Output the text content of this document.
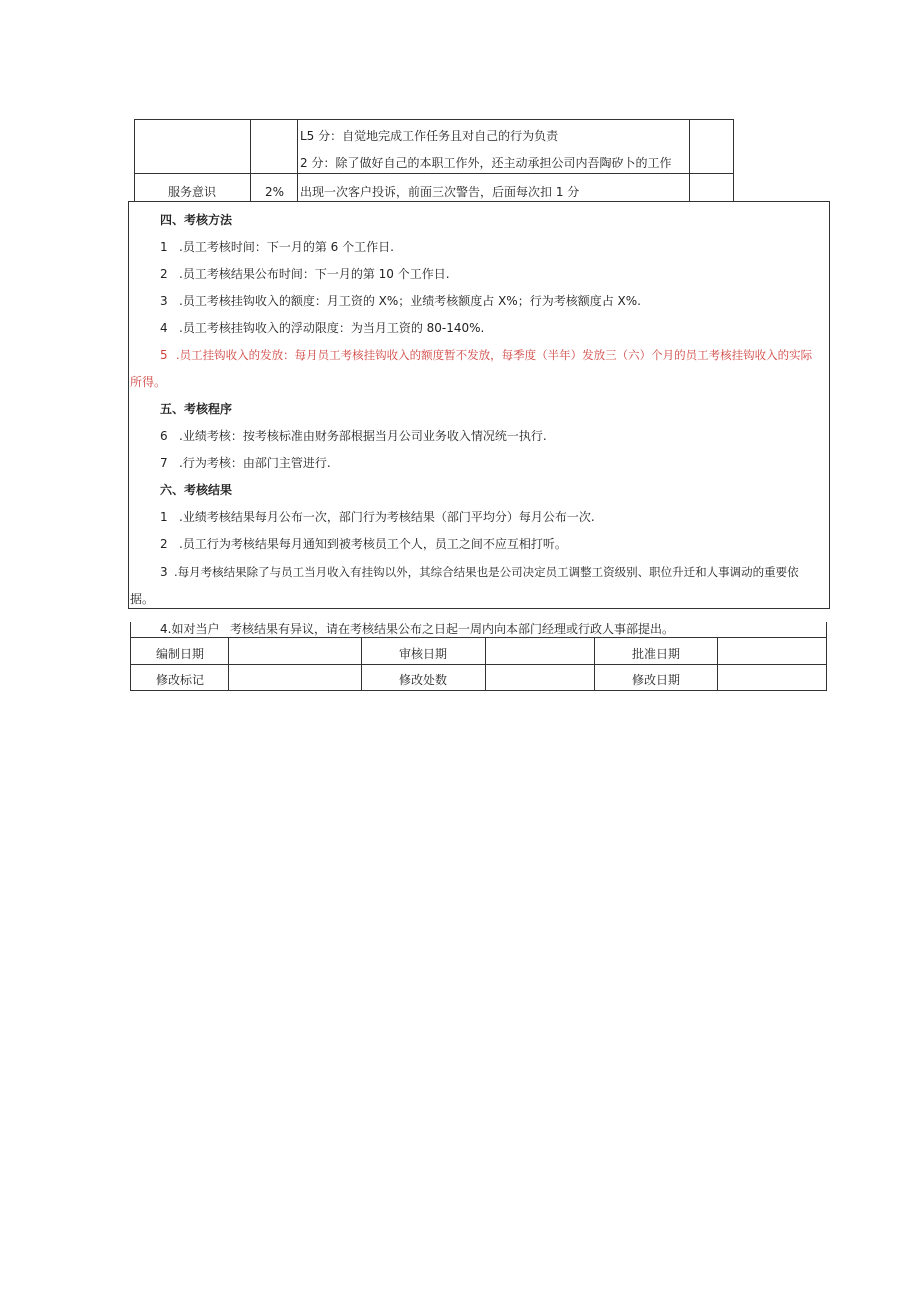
L5 分：自觉地完成工作任务且对自己的行为负责
2 分：除了做好自己的本职工作外，还主动承担公司内吾陶矽卜的工作
服务意识	2% 出现一次客户投诉，前面三次警告，后面每次扣 1 分
四、考核方法
1 .员工考核时间：下一月的第 6 个工作日.
2 .员工考核结果公布时间：下一月的第 10 个工作日.
3 .员工考核挂钩收入的额度：月工资的 X%；业绩考核额度占 X%；行为考核额度占 X%.
4 .员工考核挂钩收入的浮动限度：为当月工资的 80-140%.
5 .员工挂钩收入的发放：每月员工考核挂钩收入的额度暂不发放，每季度（半年）发放三（六）个月的员工考核挂钩收入的实际
所得。
五、考核程序
6 .业绩考核：按考核标准由财务部根据当月公司业务收入情况统一执行.
7 .行为考核：由部门主管进行.
六、考核结果
1 .业绩考核结果每月公布一次，部门行为考核结果（部门平均分）每月公布一次.
2 .员工行为考核结果每月通知到被考核员工个人，员工之间不应互相打听。
3 .每月考核结果除了与员工当月收入有挂钩以外，其综合结果也是公司决定员工调整工资级别、职位升迁和人事调动的重要依
据。
4.如对当户 考核结果有异议，请在考核结果公布之日起一周内向本部门经理或行政人事部提出。
编制日期	审核日期	批准日期
修改标记	修改处数	修改日期
